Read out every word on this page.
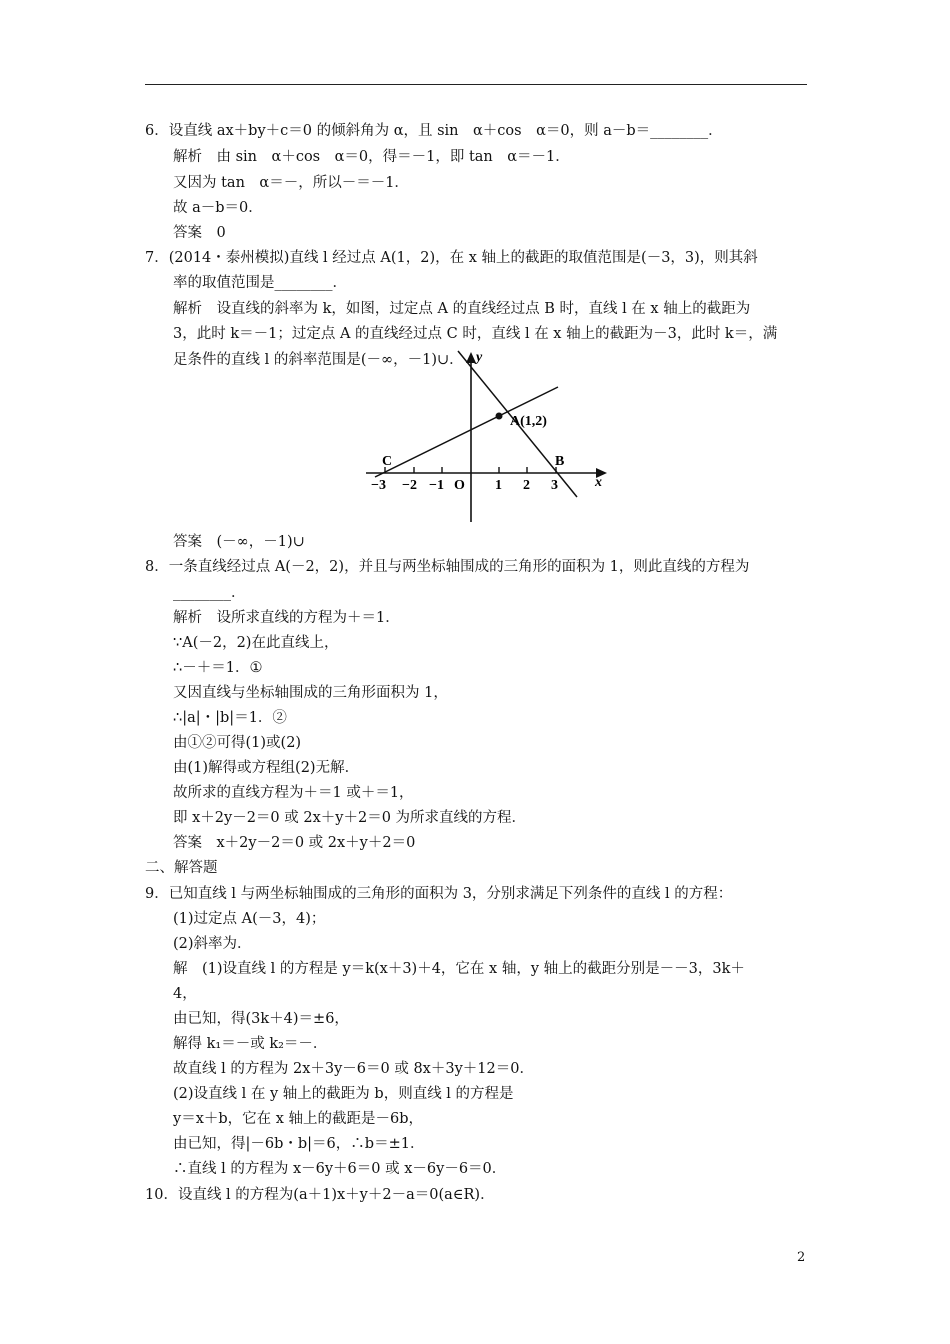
6．设直线 ax＋by＋c＝0 的倾斜角为 α，且 sin　α＋cos　α＝0，则 a－b＝________．
解析　由 sin　α＋cos　α＝0，得＝－1，即 tan　α＝－1．
又因为 tan　α＝－，所以－＝－1．
故 a－b＝0．
答案　0
7．(2014・泰州模拟)直线 l 经过点 A(1，2)，在 x 轴上的截距的取值范围是(－3，3)，则其斜
率的取值范围是________．
解析　设直线的斜率为 k，如图，过定点 A 的直线经过点 B 时，直线 l 在 x 轴上的截距为
3，此时 k＝－1；过定点 A 的直线经过点 C 时，直线 l 在 x 轴上的截距为－3，此时 k＝，满
足条件的直线 l 的斜率范围是(－∞，－1)∪．
A(1,2)
B
C
O	x
y
−3 −2 −1	1 2 3
答案　(－∞，－1)∪
8．一条直线经过点 A(－2，2)，并且与两坐标轴围成的三角形的面积为 1，则此直线的方程为
________．
解析　设所求直线的方程为＋＝1．
∵A(－2，2)在此直线上，
∴－＋＝1．①
又因直线与坐标轴围成的三角形面积为 1，
∴|a|・|b|＝1．②
由①②可得(1)或(2)
由(1)解得或方程组(2)无解．
故所求的直线方程为＋＝1 或＋＝1，
即 x＋2y－2＝0 或 2x＋y＋2＝0 为所求直线的方程．
答案　x＋2y－2＝0 或 2x＋y＋2＝0
二、解答题
9．已知直线 l 与两坐标轴围成的三角形的面积为 3，分别求满足下列条件的直线 l 的方程：
(1)过定点 A(－3，4)；
(2)斜率为．
解　(1)设直线 l 的方程是 y＝k(x＋3)＋4，它在 x 轴，y 轴上的截距分别是－－3，3k＋
4，
由已知，得(3k＋4)＝±6，
解得 k₁＝－或 k₂＝－．
故直线 l 的方程为 2x＋3y－6＝0 或 8x＋3y＋12＝0．
(2)设直线 l 在 y 轴上的截距为 b，则直线 l 的方程是
y＝x＋b，它在 x 轴上的截距是－6b，
由已知，得|－6b・b|＝6，∴b＝±1．
∴直线 l 的方程为 x－6y＋6＝0 或 x－6y－6＝0．
10．设直线 l 的方程为(a＋1)x＋y＋2－a＝0(a∈R)．
2
